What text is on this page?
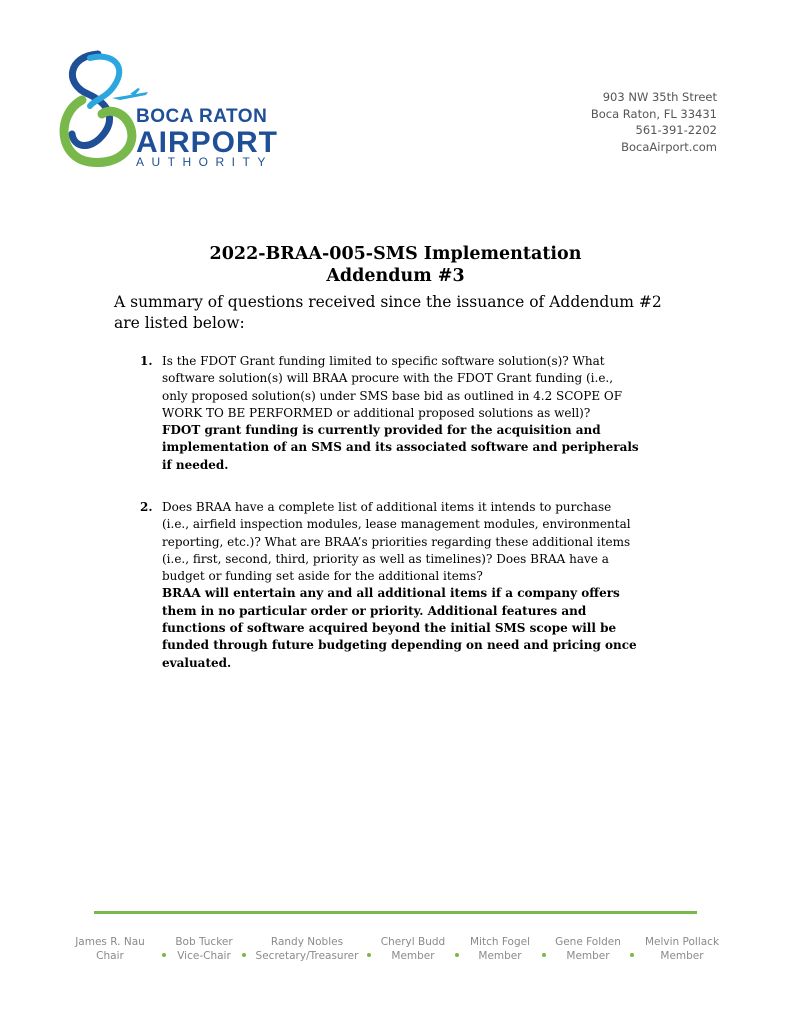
BOCA RATON
AIRPORT
AUTHORITY
903 NW 35th Street
Boca Raton, FL 33431
561-391-2202
BocaAirport.com
2022-BRAA-005-SMS Implementation
Addendum #3
A summary of questions received since the issuance of Addendum #2
are listed below:
1. Is the FDOT Grant funding limited to specific software solution(s)? What
software solution(s) will BRAA procure with the FDOT Grant funding (i.e.,
only proposed solution(s) under SMS base bid as outlined in 4.2 SCOPE OF
WORK TO BE PERFORMED or additional proposed solutions as well)?
FDOT grant funding is currently provided for the acquisition and
implementation of an SMS and its associated software and peripherals
if needed.
2. Does BRAA have a complete list of additional items it intends to purchase
(i.e., airfield inspection modules, lease management modules, environmental
reporting, etc.)? What are BRAA’s priorities regarding these additional items
(i.e., first, second, third, priority as well as timelines)? Does BRAA have a
budget or funding set aside for the additional items?
BRAA will entertain any and all additional items if a company offers
them in no particular order or priority. Additional features and
functions of software acquired beyond the initial SMS scope will be
funded through future budgeting depending on need and pricing once
evaluated.
James R. Nau
Chair
Bob Tucker
Vice-Chair
Randy Nobles
Secretary/Treasurer
Cheryl Budd
Member
Mitch Fogel
Member
Gene Folden
Member
Melvin Pollack
Member
